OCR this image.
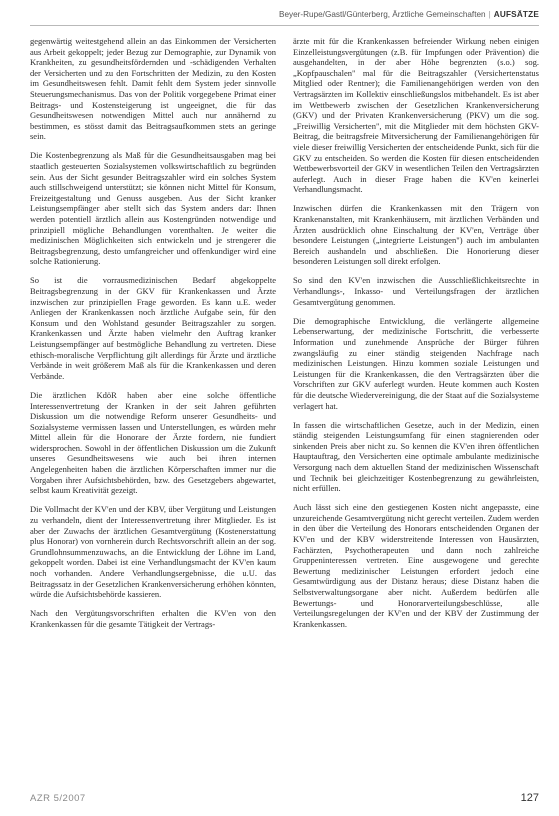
Beyer-Rupe/Gastl/Günterberg, Ärztliche Gemeinschaften | AUFSÄTZE

gegenwärtig weitestgehend allein an das Einkommen der Versicherten aus Arbeit gekoppelt; jeder Bezug zur Demographie, zur Dynamik von Krankheiten, zu gesundheitsfördernden und -schädigenden Verhalten der Versicherten und zu den Fortschritten der Medizin, zu den Kosten im Gesundheitswesen fehlt. Damit fehlt dem System jeder sinnvolle Steuerungsmechanismus. Das von der Politik vorgegebene Primat einer Beitrags- und Kostensteigerung ist ungeeignet, die für das Gesundheitswesen notwendigen Mittel auch nur annähernd zu bestimmen, es stösst damit das Beitragsaufkommen stets an geringe sein.

Die Kostenbegrenzung als Maß für die Gesundheitsausgaben mag bei staatlich gesteuerten Sozialsystemen volkswirtschaftlich zu begründen sein. Aus der Sicht gesunder Beitragszahler wird ein solches System auch stillschweigend unterstützt; sie können nicht Mittel für Konsum, Freizeitgestaltung und Genuss ausgeben. Aus der Sicht kranker Leistungsempfänger aber stellt sich das System anders dar: Ihnen werden potentiell ärztlich allein aus Kostengründen notwendige und prinzipiell mögliche Behandlungen vorenthalten. Je weiter die medizinischen Möglichkeiten sich entwickeln und je strengerer die Beitragsbegrenzung, desto umfangreicher und offenkundiger wird eine solche Rationierung.

So ist die vorrausmedizinischen Bedarf abgekoppelte Beitragsbegrenzung in der GKV für Krankenkassen und Ärzte inzwischen zur prinzipiellen Frage geworden. Es kann u.E. weder Anliegen der Krankenkassen noch ärztliche Aufgabe sein, für den Konsum und den Wohlstand gesunder Beitragszahler zu sorgen. Krankenkassen und Ärzte haben vielmehr den Auftrag kranker Leistungsempfänger auf bestmögliche Behandlung zu vertreten. Diese ethisch-moralische Verpflichtung gilt allerdings für Ärzte und ärztliche Verbände in weit größerem Maß als für die Krankenkassen und deren Verbände.

Die ärztlichen KdöR haben aber eine solche öffentliche Interessenvertretung der Kranken in der seit Jahren geführten Diskussion um die notwendige Reform unserer Gesundheits- und Sozialsysteme vermissen lassen und Unterstellungen, es würden mehr Mittel allein für die Honorare der Ärzte fordern, nie fundiert widersprochen. Sowohl in der öffentlichen Diskussion um die Zukunft unseres Gesundheitswesens wie auch bei ihren internen Angelegenheiten haben die ärztlichen Körperschaften immer nur die Vorgaben ihrer Aufsichtsbehörden, bzw. des Gesetzgebers abgewartet, selbst kaum Kreativität gezeigt.

Die Vollmacht der KV'en und der KBV, über Vergütung und Leistungen zu verhandeln, dient der Interessenvertretung ihrer Mitglieder. Es ist aber der Zuwachs der ärztlichen Gesamtvergütung (Kostenerstattung plus Honorar) von vornherein durch Rechtsvorschrift allein an der sog. Grundlohnsummenzuwachs, an die Entwicklung der Löhne im Land, gekoppelt worden. Dabei ist eine Verhandlungsmacht der KV'en kaum noch vorhanden. Andere Verhandlungsergebnisse, die u.U. das Beitragssatz in der Gesetzlichen Krankenversicherung erhöhen könnten, würde die Aufsichtsbehörde kassieren.

Nach den Vergütungsvorschriften erhalten die KV'en von den Krankenkassen für die gesamte Tätigkeit der Vertrags-

ärzte mit für die Krankenkassen befreiender Wirkung neben einigen Einzelleistungsvergütungen (z.B. für Impfungen oder Prävention) die ausgehandelten, in der aber Höhe begrenzten (s.o.) sog. „Kopfpauschalen" mal für die Beitragszahler (Versichertenstatus Mitglied oder Rentner); die Familienangehörigen werden von den Vertragsärzten im Kollektiv einschließungslos mitbehandelt. Es ist aber im Wettbewerb zwischen der Gesetzlichen Krankenversicherung (GKV) und der Privaten Krankenversicherung (PKV) um die sog. „Freiwillig Versicherten", mit die Mitglieder mit dem höchsten GKV-Beitrag, die beitragsfreie Mitversicherung der Familienangehörigen für viele dieser freiwillig Versicherten der entscheidende Punkt, sich für die GKV zu entscheiden. So werden die Kosten für diesen entscheidenden Wettbewerbsvorteil der GKV in wesentlichen Teilen den Vertragsärzten auferlegt. Auch in dieser Frage haben die KV'en keinerlei Verhandlungsmacht.

Inzwischen dürfen die Krankenkassen mit den Trägern von Krankenanstalten, mit Krankenhäusern, mit ärztlichen Verbänden und Ärzten ausdrücklich ohne Einschaltung der KV'en, Verträge über besondere Leistungen („integrierte Leistungen") auch im ambulanten Bereich aushandeln und abschließen. Die Honorierung dieser besonderen Leistungen soll direkt erfolgen.

So sind den KV'en inzwischen die Ausschließlichkeitsrechte in Verhandlungs-, Inkasso- und Verteilungsfragen der ärztlichen Gesamtvergütung genommen.

Die demographische Entwicklung, die verlängerte allgemeine Lebenserwartung, der medizinische Fortschritt, die verbesserte Information und zunehmende Ansprüche der Bürger führen zwangsläufig zu einer ständig steigenden Nachfrage nach medizinischen Leistungen. Hinzu kommen soziale Leistungen und Leistungen für die Krankenkassen, die den Vertragsärzten über die Vorschriften zur GKV auferlegt wurden. Heute kommen auch Kosten für die deutsche Wiedervereinigung, die der Staat auf die Sozialsysteme verlagert hat.

In fassen die wirtschaftlichen Gesetze, auch in der Medizin, einen ständig steigenden Leistungsumfang für einen stagnierenden oder sinkenden Preis aber nicht zu. So kennen die KV'en ihren öffentlichen Hauptauftrag, den Versicherten eine optimale ambulante medizinische Versorgung nach dem aktuellen Stand der medizinischen Wissenschaft und Technik bei gleichzeitiger Kostenbegrenzung zu gewährleisten, nicht erfüllen.

Auch lässt sich eine den gestiegenen Kosten nicht angepasste, eine unzureichende Gesamtvergütung nicht gerecht verteilen. Zudem werden in den über die Verteilung des Honorars entscheidenden Organen der KV'en und der KBV widerstreitende Interessen von Hausärzten, Fachärzten, Psychotherapeuten und dann noch zahlreiche Gruppeninteressen vertreten. Eine ausgewogene und gerechte Bewertung medizinischer Leistungen erfordert jedoch eine Gesamtwürdigung aus der Distanz heraus; diese Distanz haben die Selbstverwaltungsorgane aber nicht. Außerdem bedürfen alle Bewertungs- und Honorarverteilungsbeschlüsse, alle Verteilungsregelungen der KV'en und der KBV der Zustimmung der Krankenkassen.

AZR 5/2007	127
